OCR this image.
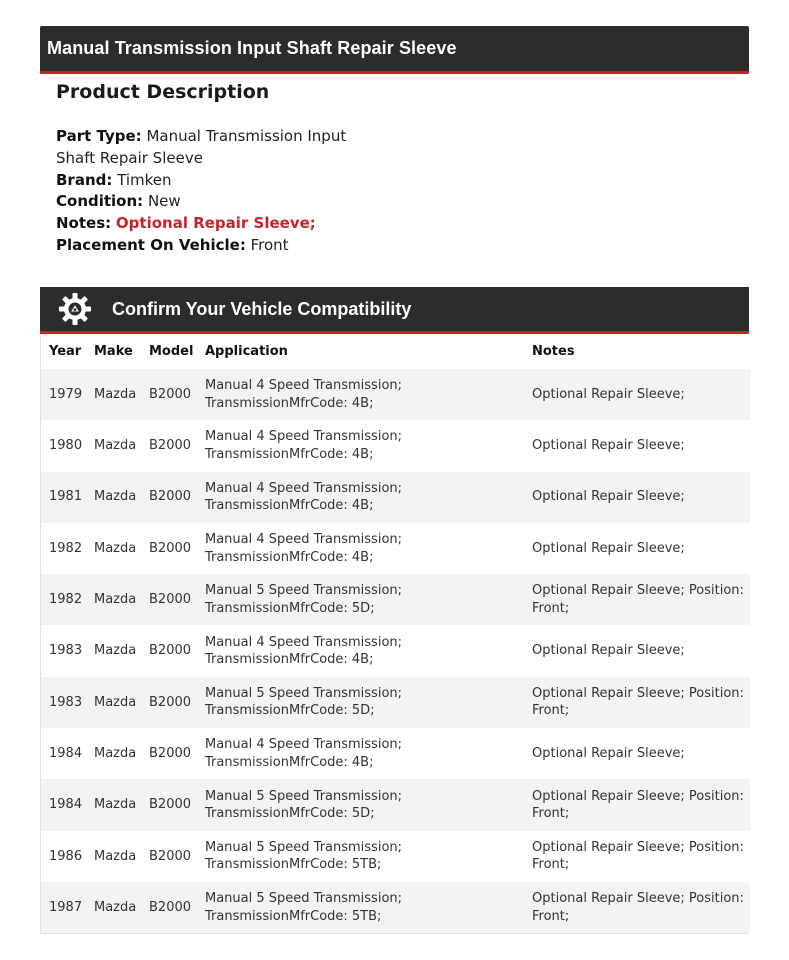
Manual Transmission Input Shaft Repair Sleeve
Product Description
Part Type: Manual Transmission Input Shaft Repair Sleeve
Brand: Timken
Condition: New
Notes: Optional Repair Sleeve;
Placement On Vehicle: Front
Confirm Your Vehicle Compatibility
Year	Make	Model	Application	Notes
1979	Mazda	B2000	Manual 4 Speed Transmission; TransmissionMfrCode: 4B;	Optional Repair Sleeve;
1980	Mazda	B2000	Manual 4 Speed Transmission; TransmissionMfrCode: 4B;	Optional Repair Sleeve;
1981	Mazda	B2000	Manual 4 Speed Transmission; TransmissionMfrCode: 4B;	Optional Repair Sleeve;
1982	Mazda	B2000	Manual 4 Speed Transmission; TransmissionMfrCode: 4B;	Optional Repair Sleeve;
1982	Mazda	B2000	Manual 5 Speed Transmission; TransmissionMfrCode: 5D;	Optional Repair Sleeve; Position: Front;
1983	Mazda	B2000	Manual 4 Speed Transmission; TransmissionMfrCode: 4B;	Optional Repair Sleeve;
1983	Mazda	B2000	Manual 5 Speed Transmission; TransmissionMfrCode: 5D;	Optional Repair Sleeve; Position: Front;
1984	Mazda	B2000	Manual 4 Speed Transmission; TransmissionMfrCode: 4B;	Optional Repair Sleeve;
1984	Mazda	B2000	Manual 5 Speed Transmission; TransmissionMfrCode: 5D;	Optional Repair Sleeve; Position: Front;
1986	Mazda	B2000	Manual 5 Speed Transmission; TransmissionMfrCode: 5TB;	Optional Repair Sleeve; Position: Front;
1987	Mazda	B2000	Manual 5 Speed Transmission; TransmissionMfrCode: 5TB;	Optional Repair Sleeve; Position: Front;
